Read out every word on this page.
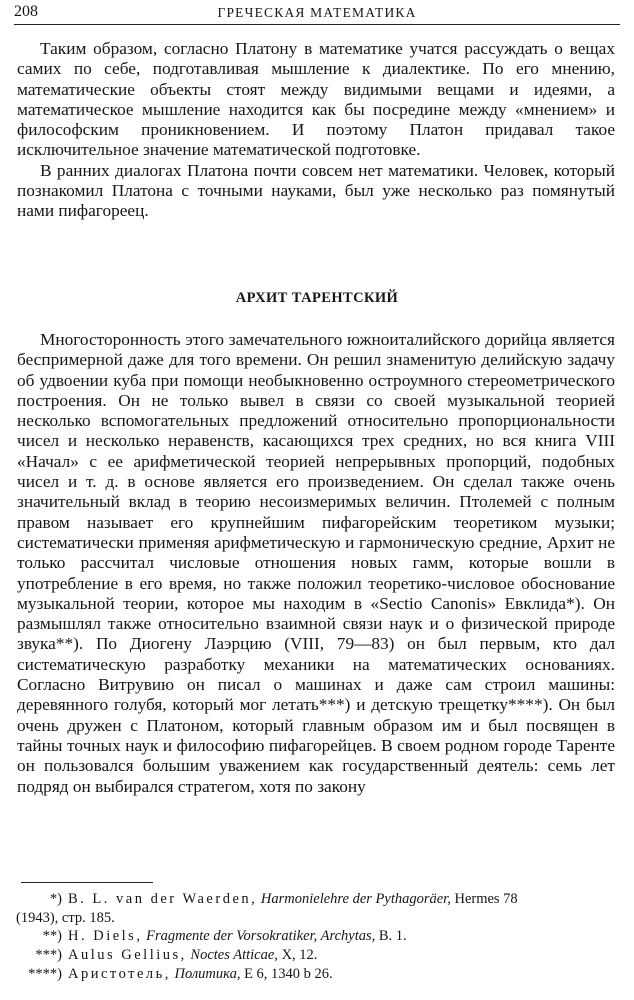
208	ГРЕЧЕСКАЯ МАТЕМАТИКА

Таким образом, согласно Платону в математике учатся рассуждать о вещах самих по себе, подготавливая мышление к диалектике. По его мнению, математические объекты стоят между видимыми вещами и идеями, а математическое мышление находится как бы посредине между «мнением» и философским проникновением. И поэтому Платон придавал такое исключительное значение математической подготовке.

В ранних диалогах Платона почти совсем нет математики. Человек, который познакомил Платона с точными науками, был уже несколько раз помянутый нами пифагореец.

АРХИТ ТАРЕНТСКИЙ

Многосторонность этого замечательного южноиталийского дорийца является беспримерной даже для того времени. Он решил знаменитую делийскую задачу об удвоении куба при помощи необыкновенно остроумного стереометрического построения. Он не только вывел в связи со своей музыкальной теорией несколько вспомогательных предложений относительно пропорциональности чисел и несколько неравенств, касающихся трех средних, но вся книга VIII «Начал» с ее арифметической теорией непрерывных пропорций, подобных чисел и т. д. в основе является его произведением. Он сделал также очень значительный вклад в теорию несоизмеримых величин. Птолемей с полным правом называет его крупнейшим пифагорейским теоретиком музыки; систематически применяя арифметическую и гармоническую средние, Архит не только рассчитал числовые отношения новых гамм, которые вошли в употребление в его время, но также положил теоретико-числовое обоснование музыкальной теории, которое мы находим в «Sectio Canonis» Евклида*). Он размышлял также относительно взаимной связи наук и о физической природе звука**). По Диогену Лаэрцию (VIII, 79—83) он был первым, кто дал систематическую разработку механики на математических основаниях. Согласно Витрувию он писал о машинах и даже сам строил машины: деревянного голубя, который мог летать***) и детскую трещетку****). Он был очень дружен с Платоном, который главным образом им и был посвящен в тайны точных наук и философию пифагорейцев. В своем родном городе Таренте он пользовался большим уважением как государственный деятель: семь лет подряд он выбирался стратегом, хотя по закону

*) B. L. van der Waerden, Harmonielehre der Pythagoräer, Hermes 78

(1943), стр. 185.

**) H. Diels, Fragmente der Vorsokratiker, Archytas, B. 1.

***) Aulus Gellius, Noctes Atticae, X, 12.

****) Аристотель, Политика, E 6, 1340 b 26.
